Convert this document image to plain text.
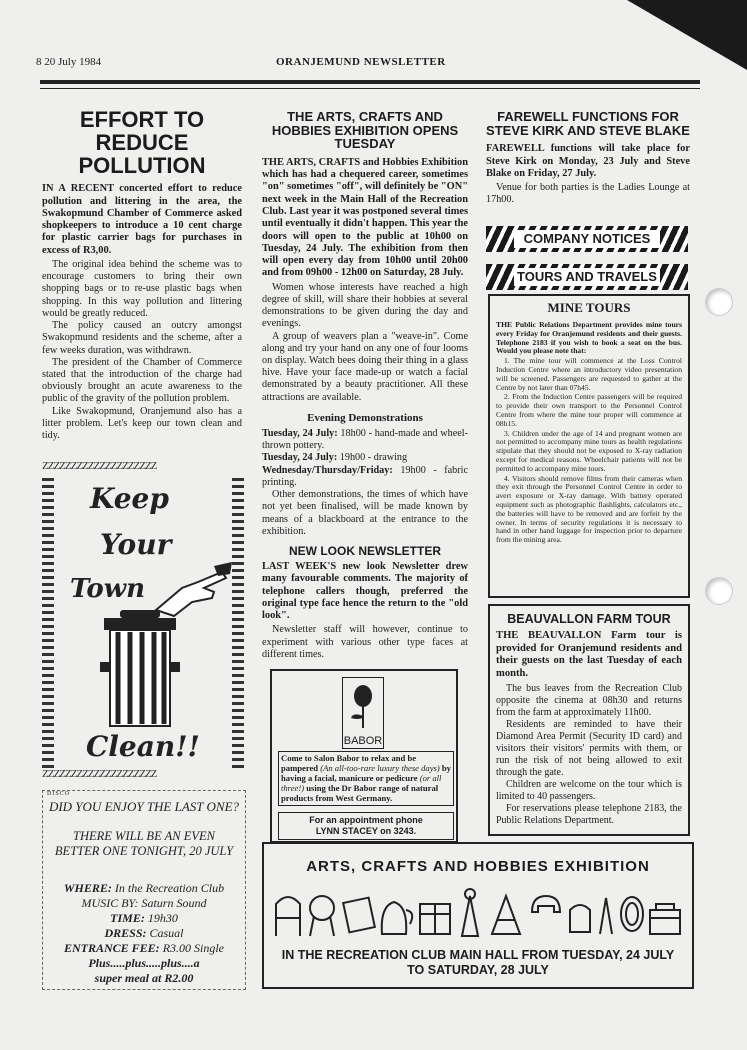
8 20 July 1984	ORANJEMUND NEWSLETTER
EFFORT TO REDUCE POLLUTION

IN A RECENT concerted effort to reduce pollution and littering in the area, the Swakopmund Chamber of Commerce asked shopkeepers to introduce a 10 cent charge for plastic carrier bags for purchases in excess of R3,00.

The original idea behind the scheme was to encourage customers to bring their own shopping bags or to re-use plastic bags when shopping. In this way pollution and littering would be greatly reduced.

The policy caused an outcry amongst Swakopmund residents and the scheme, after a few weeks duration, was withdrawn.

The president of the Chamber of Commerce stated that the introduction of the charge had obviously brought an acute awareness to the public of the gravity of the pollution problem.

Like Swakopmund, Oranjemund also has a litter problem. Let's keep our town clean and tidy.

ZZZZZZZZZZZZZZZZZZZZ
Keep
Your
Town
Clean!!
ZZZZZZZZZZZZZZZZZZZZ
DISCO
DID YOU ENJOY THE LAST ONE?
THERE WILL BE AN EVEN BETTER ONE TONIGHT, 20 JULY
WHERE: In the Recreation Club
MUSIC BY: Saturn Sound
TIME: 19h30
DRESS: Casual
ENTRANCE FEE: R3.00 Single
Plus.....plus.....plus....a
super meal at R2.00
THE ARTS, CRAFTS AND HOBBIES EXHIBITION OPENS TUESDAY

THE ARTS, CRAFTS and Hobbies Exhibition which has had a chequered career, sometimes "on" sometimes "off", will definitely be "ON" next week in the Main Hall of the Recreation Club. Last year it was postponed several times until eventually it didn't happen. This year the doors will open to the public at 10h00 on Tuesday, 24 July. The exhibition from then will open every day from 10h00 until 20h00 and from 09h00 - 12h00 on Saturday, 28 July.

Women whose interests have reached a high degree of skill, will share their hobbies at several demonstrations to be given during the day and evenings.

A group of weavers plan a "weave-in". Come along and try your hand on any one of four looms on display. Watch bees doing their thing in a glass hive. Have your face made-up or watch a facial demonstrated by a beauty practitioner. All these attractions are available.

Evening Demonstrations

Tuesday, 24 July: 18h00 - hand-made and wheel-thrown pottery.

Tuesday, 24 July: 19h00 - drawing

Wednesday/Thursday/Friday: 19h00 - fabric printing.

Other demonstrations, the times of which have not yet been finalised, will be made known by means of a blackboard at the entrance to the exhibition.

NEW LOOK NEWSLETTER

LAST WEEK'S new look Newsletter drew many favourable comments. The majority of telephone callers though, preferred the original type face hence the return to the "old look".

Newsletter staff will however, continue to experiment with various other type faces at different times.

BABOR
Come to Salon Babor to relax and be pampered (An all-too-rare luxury these days) by having a facial, manicure or pedicure (or all three!) using the Dr Babor range of natural products from West Germany.
For an appointment phone
LYNN STACEY on 3243.
FAREWELL FUNCTIONS FOR STEVE KIRK AND STEVE BLAKE

FAREWELL functions will take place for Steve Kirk on Monday, 23 July and Steve Blake on Friday, 27 July.

Venue for both parties is the Ladies Lounge at 17h00.

COMPANY NOTICES
TOURS AND TRAVELS
MINE TOURS

THE Public Relations Department provides mine tours every Friday for Oranjemund residents and their guests. Telephone 2183 if you wish to book a seat on the bus. Would you please note that:

1. The mine tour will commence at the Loss Control Induction Centre where an introductory video presentation will be screened. Passengers are requested to gather at the Centre by not later than 07h45.

2. From the Induction Centre passengers will be required to provide their own transport to the Personnel Control Centre from where the mine tour proper will commence at 08h15.

3. Children under the age of 14 and pregnant women are not permitted to accompany mine tours as health regulations stipulate that they should not be exposed to X-ray radiation except for medical reasons. Wheelchair patients will not be permitted to accompany mine tours.

4. Visitors should remove films from their cameras when they exit through the Personnel Control Centre in order to avert exposure or X-ray damage. With battery operated equipment such as photographic flashlights, calculators etc., the batteries will have to be removed and are forfeit by the owner. In terms of security regulations it is necessary to hand in other hand luggage for inspection prior to departure from the mining area.

BEAUVALLON FARM TOUR

THE BEAUVALLON Farm tour is provided for Oranjemund residents and their guests on the last Tuesday of each month.

The bus leaves from the Recreation Club opposite the cinema at 08h30 and returns from the farm at approximately 11h00.

Residents are reminded to have their Diamond Area Permit (Security ID card) and visitors their visitors' permits with them, or run the risk of not being allowed to exit through the gate.

Children are welcome on the tour which is limited to 40 passengers.

For reservations please telephone 2183, the Public Relations Department.

ARTS, CRAFTS AND HOBBIES EXHIBITION
IN THE RECREATION CLUB MAIN HALL FROM TUESDAY, 24 JULY TO SATURDAY, 28 JULY
